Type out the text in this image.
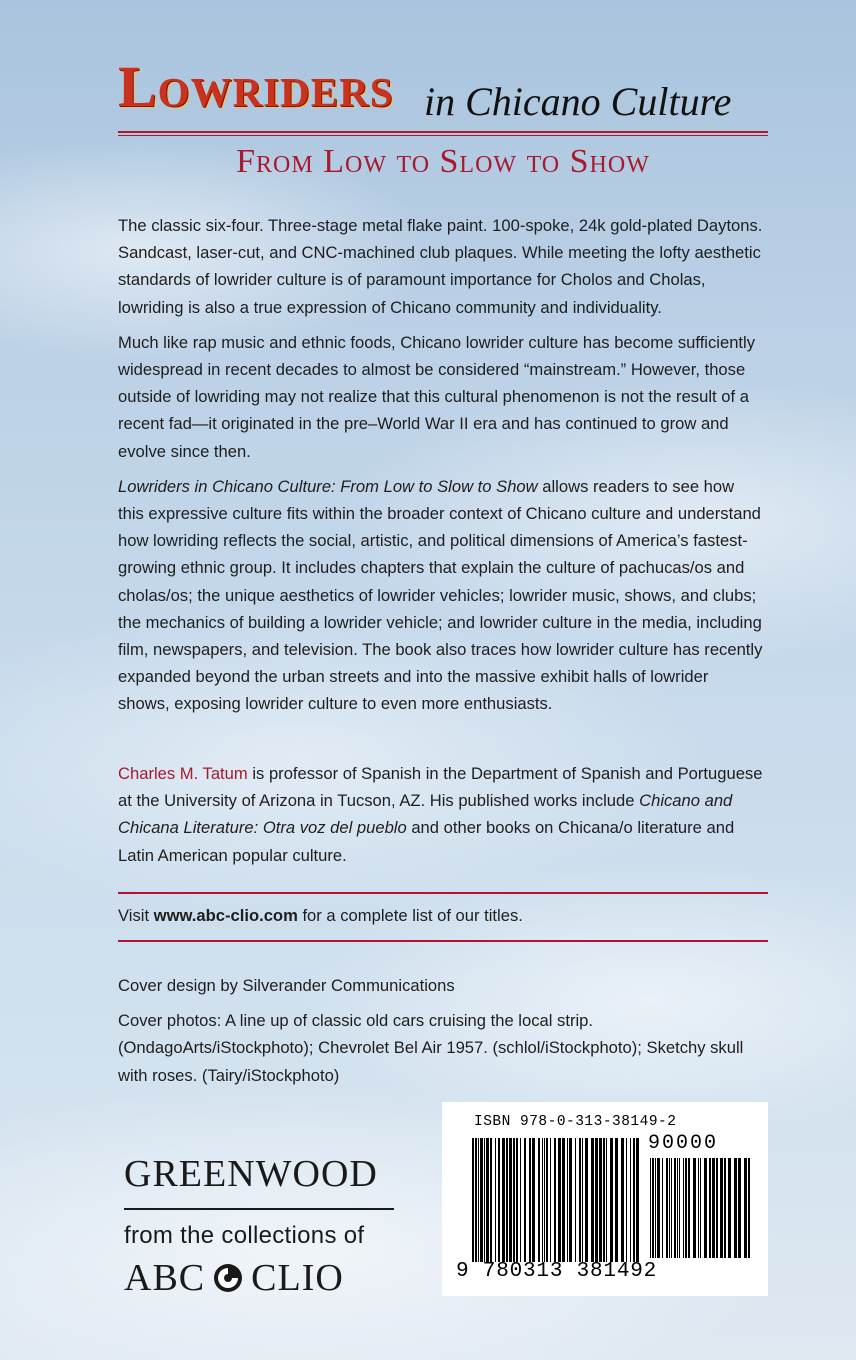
Lowriders in Chicano Culture
From Low to Slow to Show

The classic six-four. Three-stage metal flake paint. 100-spoke, 24k gold-plated Daytons. Sandcast, laser-cut, and CNC-machined club plaques. While meeting the lofty aesthetic standards of lowrider culture is of paramount importance for Cholos and Cholas, lowriding is also a true expression of Chicano community and individuality.

Much like rap music and ethnic foods, Chicano lowrider culture has become sufficiently widespread in recent decades to almost be considered “mainstream.” However, those outside of lowriding may not realize that this cultural phenomenon is not the result of a recent fad—it originated in the pre–World War II era and has continued to grow and evolve since then.

Lowriders in Chicano Culture: From Low to Slow to Show allows readers to see how this expressive culture fits within the broader context of Chicano culture and understand how lowriding reflects the social, artistic, and political dimensions of America’s fastest-growing ethnic group. It includes chapters that explain the culture of pachucas/os and cholas/os; the unique aesthetics of lowrider vehicles; lowrider music, shows, and clubs; the mechanics of building a lowrider vehicle; and lowrider culture in the media, including film, newspapers, and television. The book also traces how lowrider culture has recently expanded beyond the urban streets and into the massive exhibit halls of lowrider shows, exposing lowrider culture to even more enthusiasts.

Charles M. Tatum is professor of Spanish in the Department of Spanish and Portuguese at the University of Arizona in Tucson, AZ. His published works include Chicano and Chicana Literature: Otra voz del pueblo and other books on Chicana/o literature and Latin American popular culture.

Visit www.abc-clio.com for a complete list of our titles.

Cover design by Silverander Communications

Cover photos: A line up of classic old cars cruising the local strip. (OndagoArts/iStockphoto); Chevrolet Bel Air 1957. (schlol/iStockphoto); Sketchy skull with roses. (Tairy/iStockphoto)

GREENWOOD
from the collections of
ABC CLIO
ISBN 978-0-313-38149-2
90000
9 780313 381492
